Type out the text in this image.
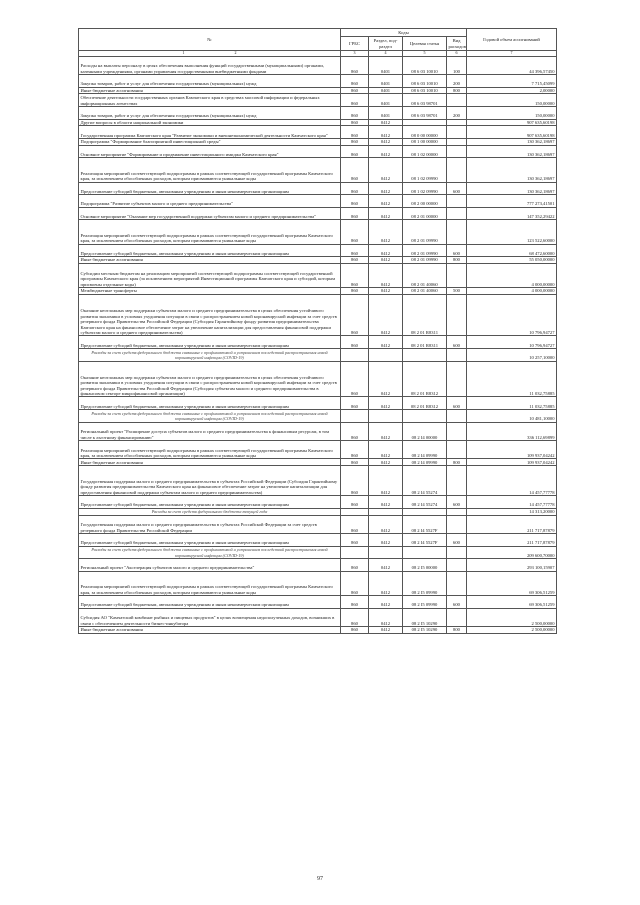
№	Коды				Годовой объем ассигнований
	ГРБС	Раздел, под-раздел	Целевая статья	Вид расходов	
1 2	3	4	5	6	7
Расходы на выплаты персоналу в целях обеспечения выполнения функций государственными (муниципальными) органами, казенными учреждениями, органами управления государственными внебюджетными фондами	860	0401	08 6 03 10010	100	44 396,57450
Закупка товаров, работ и услуг для обеспечения государственных (муниципальных) нужд	860	0401	08 6 03 10010	200	7 715,45099
Иные бюджетные ассигнования	860	0401	08 6 03 10010	800	2,00000
Обеспечение деятельности государственных органов Камчатского края в средствах массовой информации и федеральных информационных агентствах	860	0401	08 6 03 98701		150,00000
Закупка товаров, работ и услуг для обеспечения государственных (муниципальных) нужд	860	0401	08 6 03 98701	200	150,00000
Другие вопросы в области национальной экономики	860	0412			907 635,60198
Государственная программа Камчатского края "Развитие экономики и внешнеэкономической деятельности Камчатского края"	860	0412	08 0 00 00000		907 635,60198
Подпрограмма "Формирование благоприятной инвестиционной среды"	860	0412	08 1 00 00000		130 362,18697
Основное мероприятие "Формирование и продвижение инвестиционного имиджа Камчатского края"	860	0412	08 1 02 00000		130 362,18697
Реализация мероприятий соответствующей подпрограммы в рамках соответствующей государственной программы Камчатского края, за исключением обособленных расходов, которым присваиваются уникальные коды	860	0412	08 1 02 09990		130 362,18697
Предоставление субсидий бюджетным, автономным учреждениям и иным некоммерческим организациям	860	0412	08 1 02 09990	600	130 362,18697
Подпрограмма "Развитие субъектов малого и среднего предпринимательства"	860	0412	08 2 00 00000		777 273,41501
Основное мероприятие "Оказание мер государственной поддержки субъектам малого и среднего предпринимательства"	860	0412	08 2 01 00000		147 352,29422
Реализация мероприятий соответствующей подпрограммы в рамках соответствующей государственной программы Камчатского края, за исключением обособленных расходов, которым присваиваются уникальные коды	860	0412	08 2 01 09990		123 522,60000
Предоставление субсидий бюджетным, автономным учреждениям и иным некоммерческим организациям	860	0412	08 2 01 09990	600	68 472,60000
Иные бюджетные ассигнования	860	0412	08 2 01 09990	800	55 050,00000
Субсидии местным бюджетам на реализацию мероприятий соответствующей подпрограммы соответствующей государственной программы Камчатского края (за исключением мероприятий Инвестиционной программы Камчатского края и субсидий, которым присвоены отдельные коды)	860	0412	08 2 01 40060		4 000,00000
Межбюджетные трансферты	860	0412	08 2 01 40060	500	4 000,00000
Оказание неотложных мер поддержки субъектам малого и среднего предпринимательства в целях обеспечения устойчивого развития экономики в условиях ухудшения ситуации в связи с распространением новой коронавирусной инфекции за счет средств резервного фонда Правительства Российской Федерации (Субсидия Гарантийному фонду развития предпринимательства Камчатского края на финансовое обеспечение затрат на увеличение капитализации для предоставления финансовой поддержки субъектам малого и среднего предпринимательства)	860	0412	08 2 01 R8311		10 796,94727
Предоставление субсидий бюджетным, автономным учреждениям и иным некоммерческим организациям	860	0412	08 2 01 R8311	600	10 796,94727
Расходы за счет средств федерального бюджета связанные с профилактикой и устранением последствий распространения новой коронавирусной инфекции (COVID-19)					10 257,10000
Оказание неотложных мер поддержки субъектам малого и среднего предпринимательства в целях обеспечения устойчивого развития экономики в условиях ухудшения ситуации в связи с распространением новой коронавирусной инфекции за счет средств резервного фонда Правительства Российской Федерации (Субсидия субъектам малого и среднего предпринимательства в финансовом секторе микрофинансовой организации)	860	0412	08 2 01 R8312		11 032,75885
Предоставление субсидий бюджетным, автономным учреждениям и иным некоммерческим организациям	860	0412	08 2 01 R8312	600	11 032,75885
Расходы за счет средств федерального бюджета связанные с профилактикой и устранением последствий распространения новой коронавирусной инфекции (COVID-19)					10 481,10000
Региональный проект "Расширение доступа субъектов малого и среднего предпринимательства к финансовым ресурсам, в том числе к льготному финансированию"	860	0412	08 2 I4 00000		336 112,69899
Реализация мероприятий соответствующей подпрограммы в рамках соответствующей государственной программы Камчатского края, за исключением обособленных расходов, которым присваиваются уникальные коды	860	0412	08 2 I4 09990		109 937,04242
Иные бюджетные ассигнования	860	0412	08 2 I4 09990	800	109 937,04242
Государственная поддержка малого и среднего предпринимательства в субъектах Российской Федерации (Субсидия Гарантийному фонду развития предпринимательства Камчатского края на финансовое обеспечение затрат на увеличение капитализации для предоставления финансовой поддержки субъектам малого и среднего предпринимательства)	860	0412	08 2 I4 55274		14 457,77778
Предоставление субсидий бюджетным, автономным учреждениям и иным некоммерческим организациям	860	0412	08 2 I4 55274	600	14 457,77778
Расходы за счет средств федерального бюджета текущей года					14 313,20000
Государственная поддержка малого и среднего предпринимательства в субъектах Российской Федерации за счет средств резервного фонда Правительства Российской Федерации	860	0412	08 2 I4 5527F		211 717,87879
Предоставление субсидий бюджетным, автономным учреждениям и иным некоммерческим организациям	860	0412	08 2 I4 5527F	600	211 717,87879
Расходы за счет средств федерального бюджета связанные с профилактикой и устранением последствий распространения новой коронавирусной инфекции (COVID-19)					209 600,70000
Региональный проект "Акселерация субъектов малого и среднего предпринимательства"	860	0412	08 2 I5 00000		293 100,15907
Реализация мероприятий соответствующей подпрограммы в рамках соответствующей государственной программы Камчатского края, за исключением обособленных расходов, которым присваиваются уникальные коды	860	0412	08 2 I5 09990		69 306,51259
Предоставление субсидий бюджетным, автономным учреждениям и иным некоммерческим организациям	860	0412	08 2 I5 09990	600	69 306,51259
Субсидия АО "Камчатский комбинат рыбных и пищевых продуктов" в целях возмещения недополученных доходов, возникших в связи с обеспечением деятельности бизнес-инкубатора	860	0412	08 2 I5 10290		2 500,00000
Иные бюджетные ассигнования	860	0412	08 2 I5 10290	800	2 500,00000
97
